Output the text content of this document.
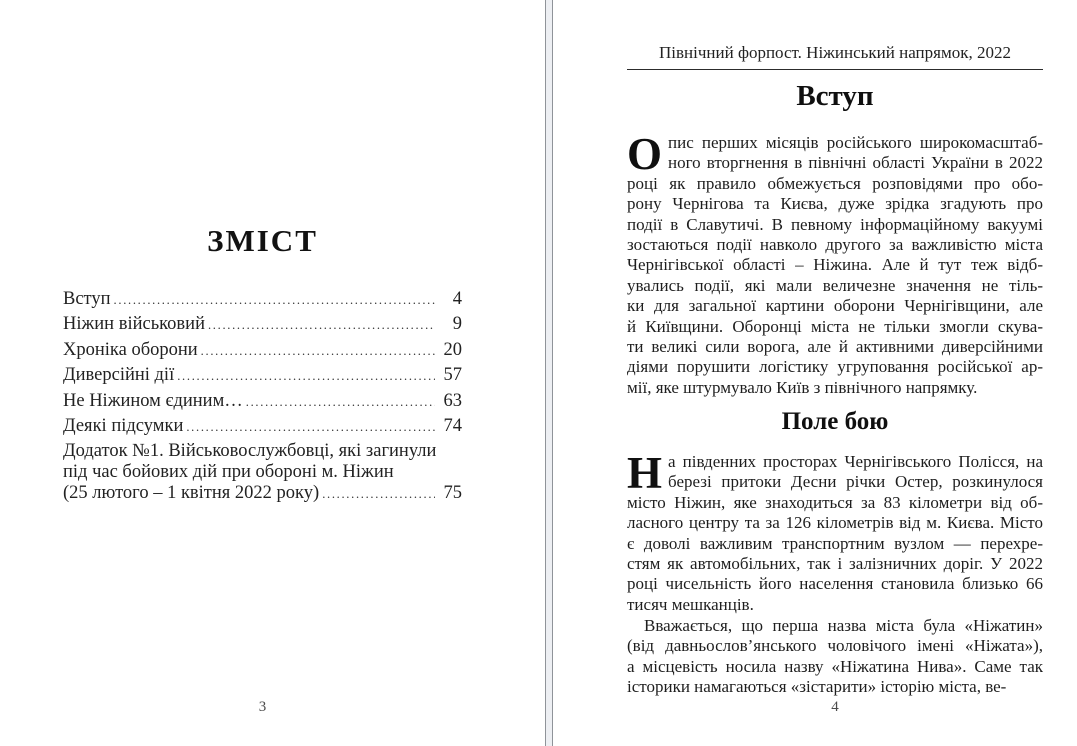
ЗМІСТ
Вступ .....	4
Ніжин військовий .....	9
Хроніка оборони .....	20
Диверсійні дії .....	57
Не Ніжином єдиним… .....	63
Деякі підсумки .....	74
Додаток №1. Військовослужбовці, які загинули
під час бойових дій при обороні м. Ніжин
(25 лютого – 1 квітня 2022 року) .....	75
3
Північний форпост. Ніжинський напрямок, 2022
Вступ
О пис перших місяців російського широкомасштаб-
ного вторгнення в північні області України в 2022
році як правило обмежується розповідями про обо-
рону Чернігова та Києва, дуже зрідка згадують про
події в Славутичі. В певному інформаційному вакуумі
зостаються події навколо другого за важливістю міста
Чернігівської області – Ніжина. Але й тут теж відб-
увались події, які мали величезне значення не тіль-
ки для загальної картини оборони Чернігівщини, але
й Київщини. Оборонці міста не тільки змогли скува-
ти великі сили ворога, але й активними диверсійними
діями порушити логістику угруповання російської ар-
мії, яке штурмувало Київ з північного напрямку.
Поле бою
Н а південних просторах Чернігівського Полісся, на
березі притоки Десни річки Остер, розкинулося
місто Ніжин, яке знаходиться за 83 кілометри від об-
ласного центру та за 126 кілометрів від м. Києва. Місто
є доволі важливим транспортним вузлом — перехре-
стям як автомобільних, так і залізничних доріг. У 2022
році чисельність його населення становила близько 66
тисяч мешканців.
Вважається, що перша назва міста була «Ніжатин»
(від давньослов’янського чоловічого імені «Ніжата»),
а місцевість носила назву «Ніжатина Нива». Саме так
історики намагаються «зістарити» історію міста, ве-
4
